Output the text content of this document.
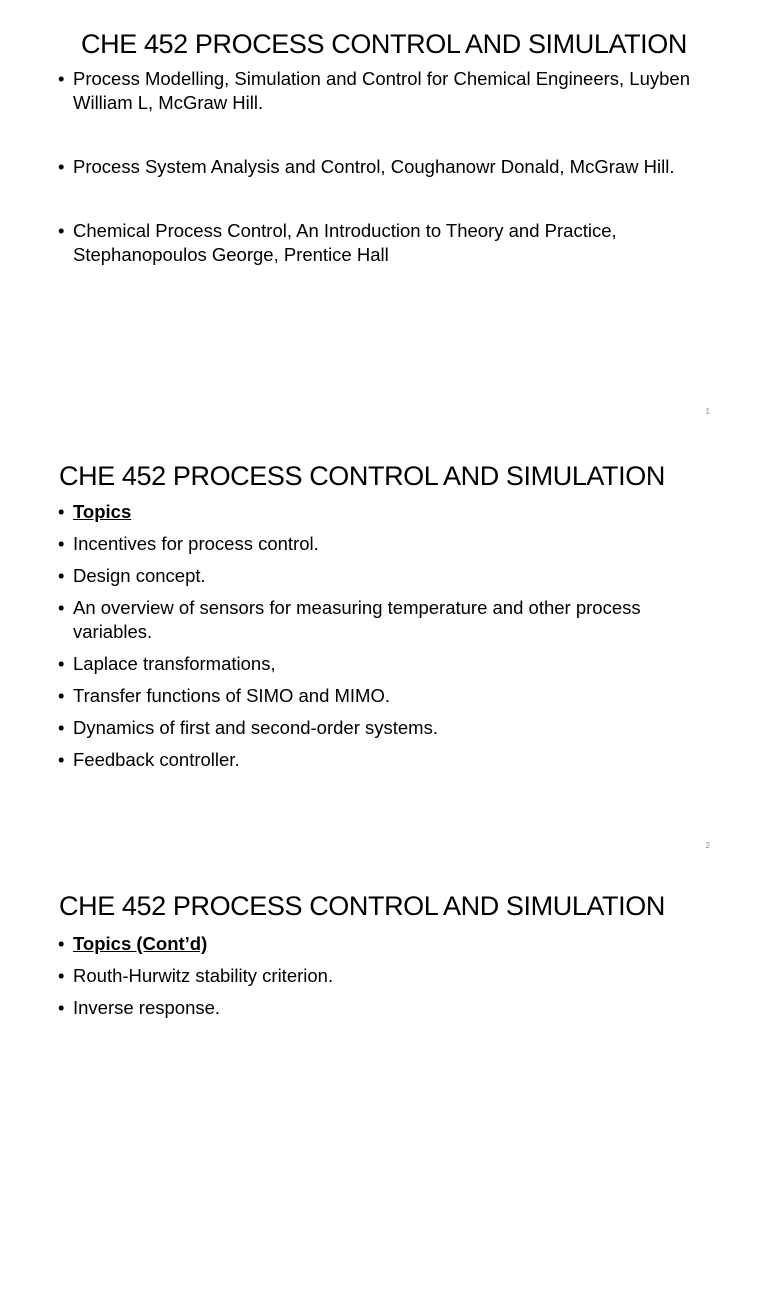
CHE 452 PROCESS CONTROL AND SIMULATION
• Process Modelling, Simulation and Control for Chemical Engineers, Luyben William L, McGraw Hill.
• Process System Analysis and Control, Coughanowr Donald, McGraw Hill.
• Chemical Process Control, An Introduction to Theory and Practice, Stephanopoulos George, Prentice Hall
1
CHE 452 PROCESS CONTROL AND SIMULATION
• Topics
• Incentives for process control.
• Design concept.
• An overview of sensors for measuring temperature and other process variables.
• Laplace transformations,
• Transfer functions of SIMO and MIMO.
• Dynamics of first and second-order systems.
• Feedback controller.
2
CHE 452 PROCESS CONTROL AND SIMULATION
• Topics (Cont’d)
• Routh-Hurwitz stability criterion.
• Inverse response.
